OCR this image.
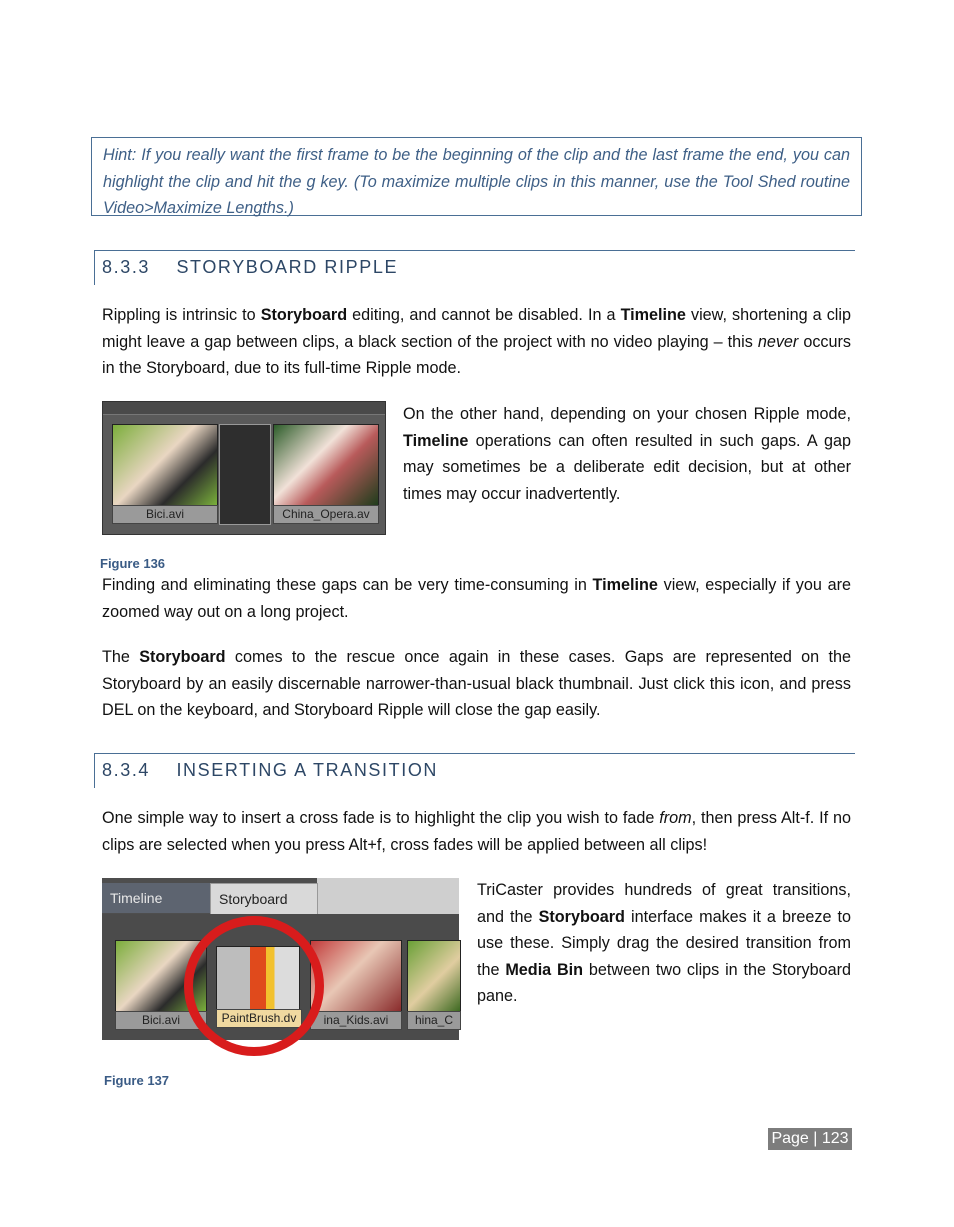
Hint: If you really want the first frame to be the beginning of the clip and the last frame the end, you can highlight the clip and hit the g key. (To maximize multiple clips in this manner, use the Tool Shed routine Video>Maximize Lengths.)
8.3.3 STORYBOARD RIPPLE
Rippling is intrinsic to Storyboard editing, and cannot be disabled. In a Timeline view, shortening a clip might leave a gap between clips, a black section of the project with no video playing – this never occurs in the Storyboard, due to its full-time Ripple mode.
Bici.avi	China_Opera.av
On the other hand, depending on your chosen Ripple mode, Timeline operations can often resulted in such gaps. A gap may sometimes be a deliberate edit decision, but at other times may occur inadvertently.
Figure 136
Finding and eliminating these gaps can be very time-consuming in Timeline view, especially if you are zoomed way out on a long project.
The Storyboard comes to the rescue once again in these cases. Gaps are represented on the Storyboard by an easily discernable narrower-than-usual black thumbnail. Just click this icon, and press DEL on the keyboard, and Storyboard Ripple will close the gap easily.
8.3.4 INSERTING A TRANSITION
One simple way to insert a cross fade is to highlight the clip you wish to fade from, then press Alt-f. If no clips are selected when you press Alt+f, cross fades will be applied between all clips!
Timeline	Storyboard
Bici.avi	PaintBrush.dv	ina_Kids.avi	hina_C
TriCaster provides hundreds of great transitions, and the Storyboard interface makes it a breeze to use these. Simply drag the desired transition from the Media Bin between two clips in the Storyboard pane.
Figure 137
Page | 123
